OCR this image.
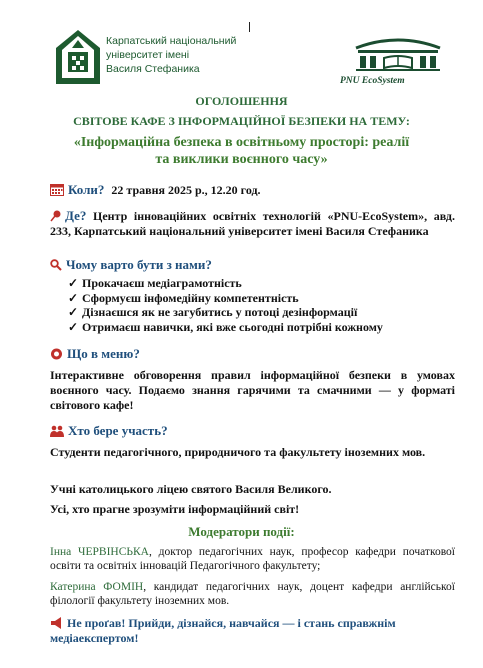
Карпатський національний
університет імені
Василя Стефаника
PNU EcoSystem
ОГОЛОШЕННЯ
СВІТОВЕ КАФЕ З ІНФОРМАЦІЙНОЇ БЕЗПЕКИ НА ТЕМУ:
«Інформаційна безпека в освітньому просторі: реалії
та виклики воєнного часу»
Коли? 22 травня 2025 р., 12.20 год.
Де? Центр інноваційних освітніх технологій «PNU-EcoSystem», авд. 233, Карпатський національний університет імені Василя Стефаника
Чому варто бути з нами?
✓ Прокачаєш медіаграмотність
✓ Сформуєш інфомедійну компетентність
✓ Дізнаєшся як не загубитись у потоці дезінформації
✓ Отримаєш навички, які вже сьогодні потрібні кожному
Що в меню?
Інтерактивне обговорення правил інформаційної безпеки в умовах воєнного часу. Подаємо знання гарячими та смачними — у форматі світового кафе!
Хто бере участь?
Студенти педагогічного, природничого та факультету іноземних мов.
Учні католицького ліцею святого Василя Великого.
Усі, хто прагне зрозуміти інформаційний світ!
Модератори події:
Інна ЧЕРВІНСЬКА, доктор педагогічних наук, професор кафедри початкової освіти та освітніх інновацій Педагогічного факультету;
Катерина ФОМІН, кандидат педагогічних наук, доцент кафедри англійської філології факультету іноземних мов.
Не проґав! Прийди, дізнайся, навчайся — і стань справжнім медіаекспертом!
